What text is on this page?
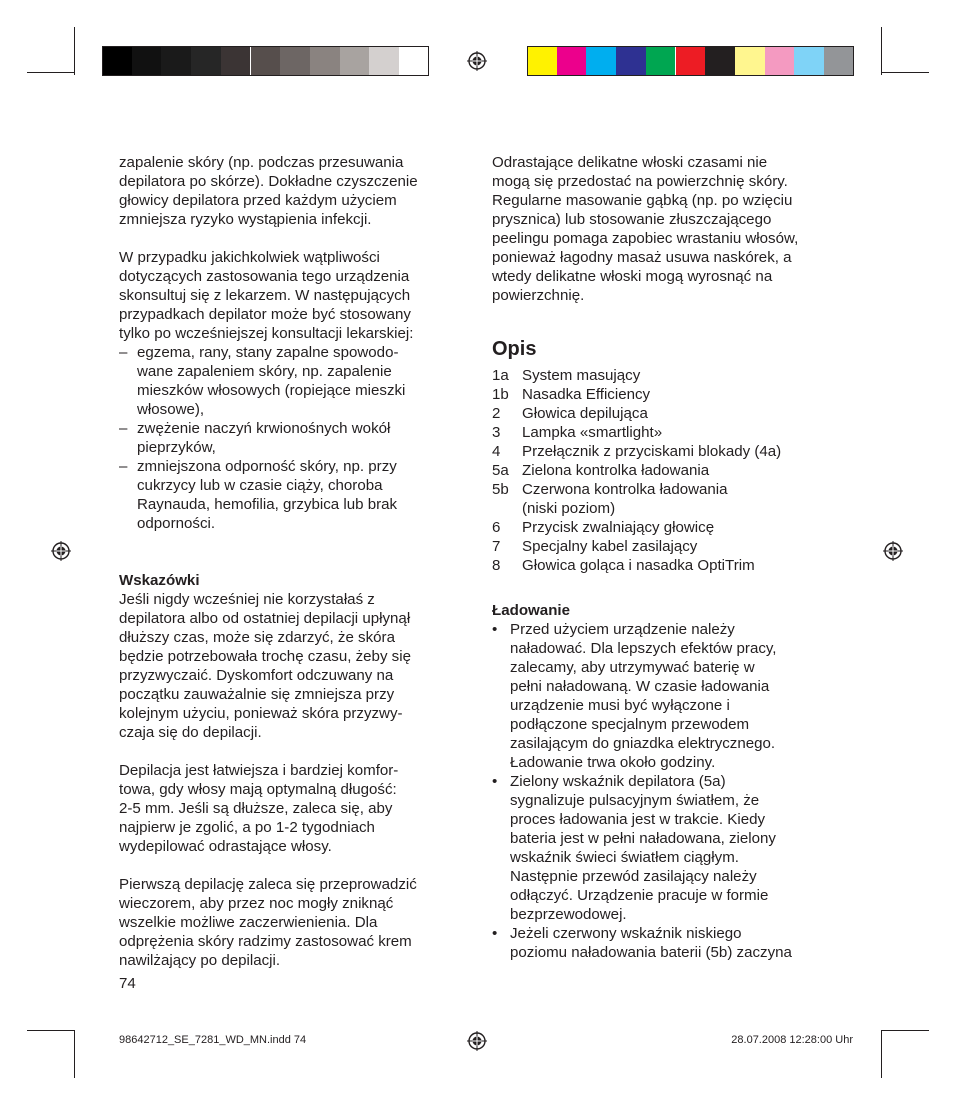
zapalenie skóry (np. podczas przesuwania
depilatora po skórze). Dokładne czyszczenie
głowicy depilatora przed każdym użyciem
zmniejsza ryzyko wystąpienia infekcji.

W przypadku jakichkolwiek wątpliwości
dotyczących zastosowania tego urządzenia
skonsultuj się z lekarzem. W następujących
przypadkach depilator może być stosowany
tylko po wcześniejszej konsultacji lekarskiej:

– egzema, rany, stany zapalne spowodo-
wane zapaleniem skóry, np. zapalenie
mieszków włosowych (ropiejące mieszki
włosowe),
– zwężenie naczyń krwionośnych wokół
pieprzyków,
– zmniejszona odporność skóry, np. przy
cukrzycy lub w czasie ciąży, choroba
Raynauda, hemofilia, grzybica lub brak
odporności.

Wskazówki

Jeśli nigdy wcześniej nie korzystałaś z
depilatora albo od ostatniej depilacji upłynął
dłuższy czas, może się zdarzyć, że skóra
będzie potrzebowała trochę czasu, żeby się
przyzwyczaić. Dyskomfort odczuwany na
początku zauważalnie się zmniejsza przy
kolejnym użyciu, ponieważ skóra przyzwy-
czaja się do depilacji.

Depilacja jest łatwiejsza i bardziej komfor-
towa, gdy włosy mają optymalną długość:
2-5 mm. Jeśli są dłuższe, zaleca się, aby
najpierw je zgolić, a po 1-2 tygodniach
wydepilować odrastające włosy.

Pierwszą depilację zaleca się przeprowadzić
wieczorem, aby przez noc mogły zniknąć
wszelkie możliwe zaczerwienienia. Dla
odprężenia skóry radzimy zastosować krem
nawilżający po depilacji.

74

Odrastające delikatne włoski czasami nie
mogą się przedostać na powierzchnię skóry.
Regularne masowanie gąbką (np. po wzięciu
prysznica) lub stosowanie złuszczającego
peelingu pomaga zapobiec wrastaniu włosów,
ponieważ łagodny masaż usuwa naskórek, a
wtedy delikatne włoski mogą wyrosnąć na
powierzchnię.

Opis

1a System masujący
1b Nasadka Efficiency
2	Głowica depilująca
3	Lampka «smartlight»
4	Przełącznik z przyciskami blokady (4a)
5a Zielona kontrolka ładowania
5b Czerwona kontrolka ładowania
(niski poziom)
6	Przycisk zwalniający głowicę
7	Specjalny kabel zasilający
8	Głowica goląca i nasadka OptiTrim

Ładowanie

• Przed użyciem urządzenie należy
naładować. Dla lepszych efektów pracy,
zalecamy, aby utrzymywać baterię w
pełni naładowaną. W czasie ładowania
urządzenie musi być wyłączone i
podłączone specjalnym przewodem
zasilającym do gniazdka elektrycznego.
Ładowanie trwa około godziny.
• Zielony wskaźnik depilatora (5a)
sygnalizuje pulsacyjnym światłem, że
proces ładowania jest w trakcie. Kiedy
bateria jest w pełni naładowana, zielony
wskaźnik świeci światłem ciągłym.
Następnie przewód zasilający należy
odłączyć. Urządzenie pracuje w formie
bezprzewodowej.
• Jeżeli czerwony wskaźnik niskiego
poziomu naładowania baterii (5b) zaczyna
98642712_SE_7281_WD_MN.indd 74	28.07.2008 12:28:00 Uhr
